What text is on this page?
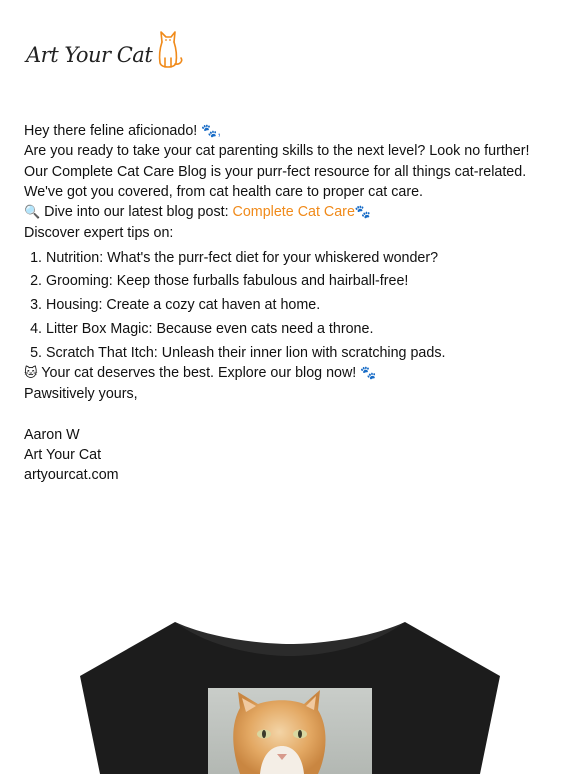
Art Your Cat

Hey there feline aficionado! 🐾,

Are you ready to take your cat parenting skills to the next level? Look no further!

Our Complete Cat Care Blog is your purr-fect resource for all things cat-related. We've got you covered, from cat health care to proper cat care.

🔍 Dive into our latest blog post: Complete Cat Care🐾

Discover expert tips on:

1. Nutrition: What's the purr-fect diet for your whiskered wonder?
2. Grooming: Keep those furballs fabulous and hairball-free!
3. Housing: Create a cozy cat haven at home.
4. Litter Box Magic: Because even cats need a throne.
5. Scratch That Itch: Unleash their inner lion with scratching pads.

🐱 Your cat deserves the best. Explore our blog now! 🐾

Pawsitively yours,

Aaron W

Art Your Cat

artyourcat.com
